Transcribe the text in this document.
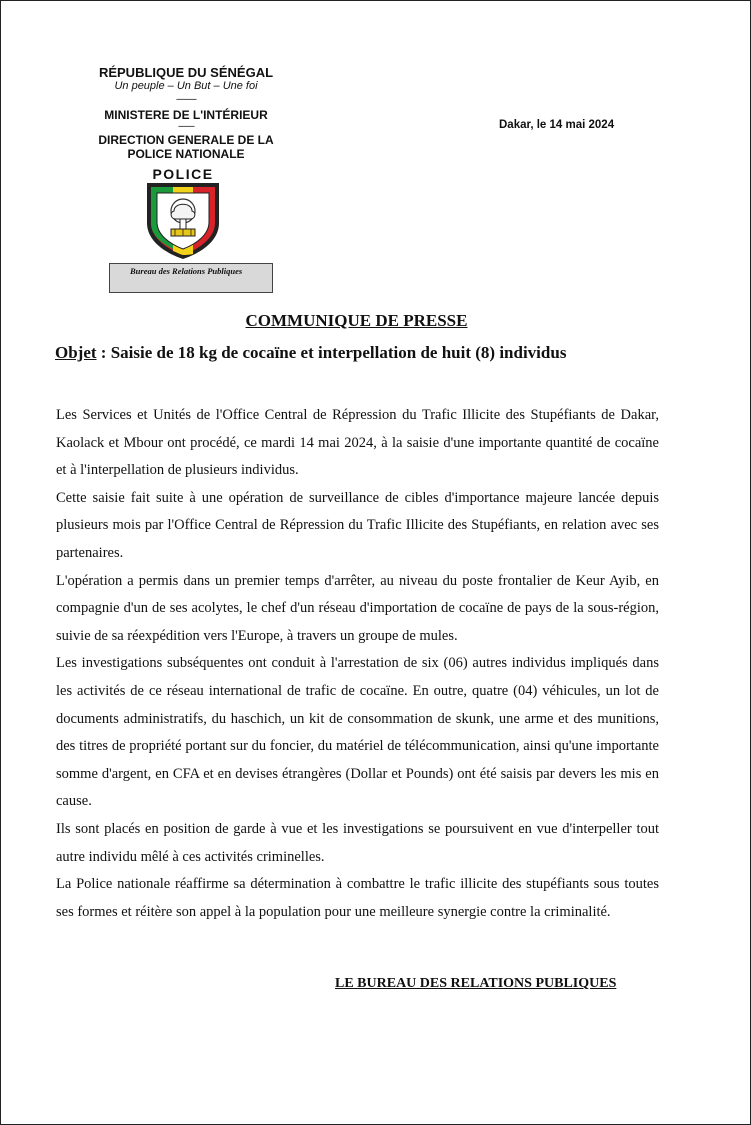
RÉPUBLIQUE DU SÉNÉGAL
Un peuple – Un But – Une foi
----------
MINISTERE DE L'INTÉRIEUR
--------
DIRECTION GENERALE DE LA
POLICE NATIONALE
Dakar, le 14 mai 2024
POLICE
Bureau des Relations Publiques
COMMUNIQUE DE PRESSE
Objet : Saisie de 18 kg de cocaïne et interpellation de huit (8) individus

Les Services et Unités de l'Office Central de Répression du Trafic Illicite des Stupéfiants de Dakar, Kaolack et Mbour ont procédé, ce mardi 14 mai 2024, à la saisie d'une importante quantité de cocaïne et à l'interpellation de plusieurs individus.

Cette saisie fait suite à une opération de surveillance de cibles d'importance majeure lancée depuis plusieurs mois par l'Office Central de Répression du Trafic Illicite des Stupéfiants, en relation avec ses partenaires.

L'opération a permis dans un premier temps d'arrêter, au niveau du poste frontalier de Keur Ayib, en compagnie d'un de ses acolytes, le chef d'un réseau d'importation de cocaïne de pays de la sous-région, suivie de sa réexpédition vers l'Europe, à travers un groupe de mules.

Les investigations subséquentes ont conduit à l'arrestation de six (06) autres individus impliqués dans les activités de ce réseau international de trafic de cocaïne. En outre, quatre (04) véhicules, un lot de documents administratifs, du haschich, un kit de consommation de skunk, une arme et des munitions, des titres de propriété portant sur du foncier, du matériel de télécommunication, ainsi qu'une importante somme d'argent, en CFA et en devises étrangères (Dollar et Pounds) ont été saisis par devers les mis en cause.

Ils sont placés en position de garde à vue et les investigations se poursuivent en vue d'interpeller tout autre individu mêlé à ces activités criminelles.

La Police nationale réaffirme sa détermination à combattre le trafic illicite des stupéfiants sous toutes ses formes et réitère son appel à la population pour une meilleure synergie contre la criminalité.

LE BUREAU DES RELATIONS PUBLIQUES
